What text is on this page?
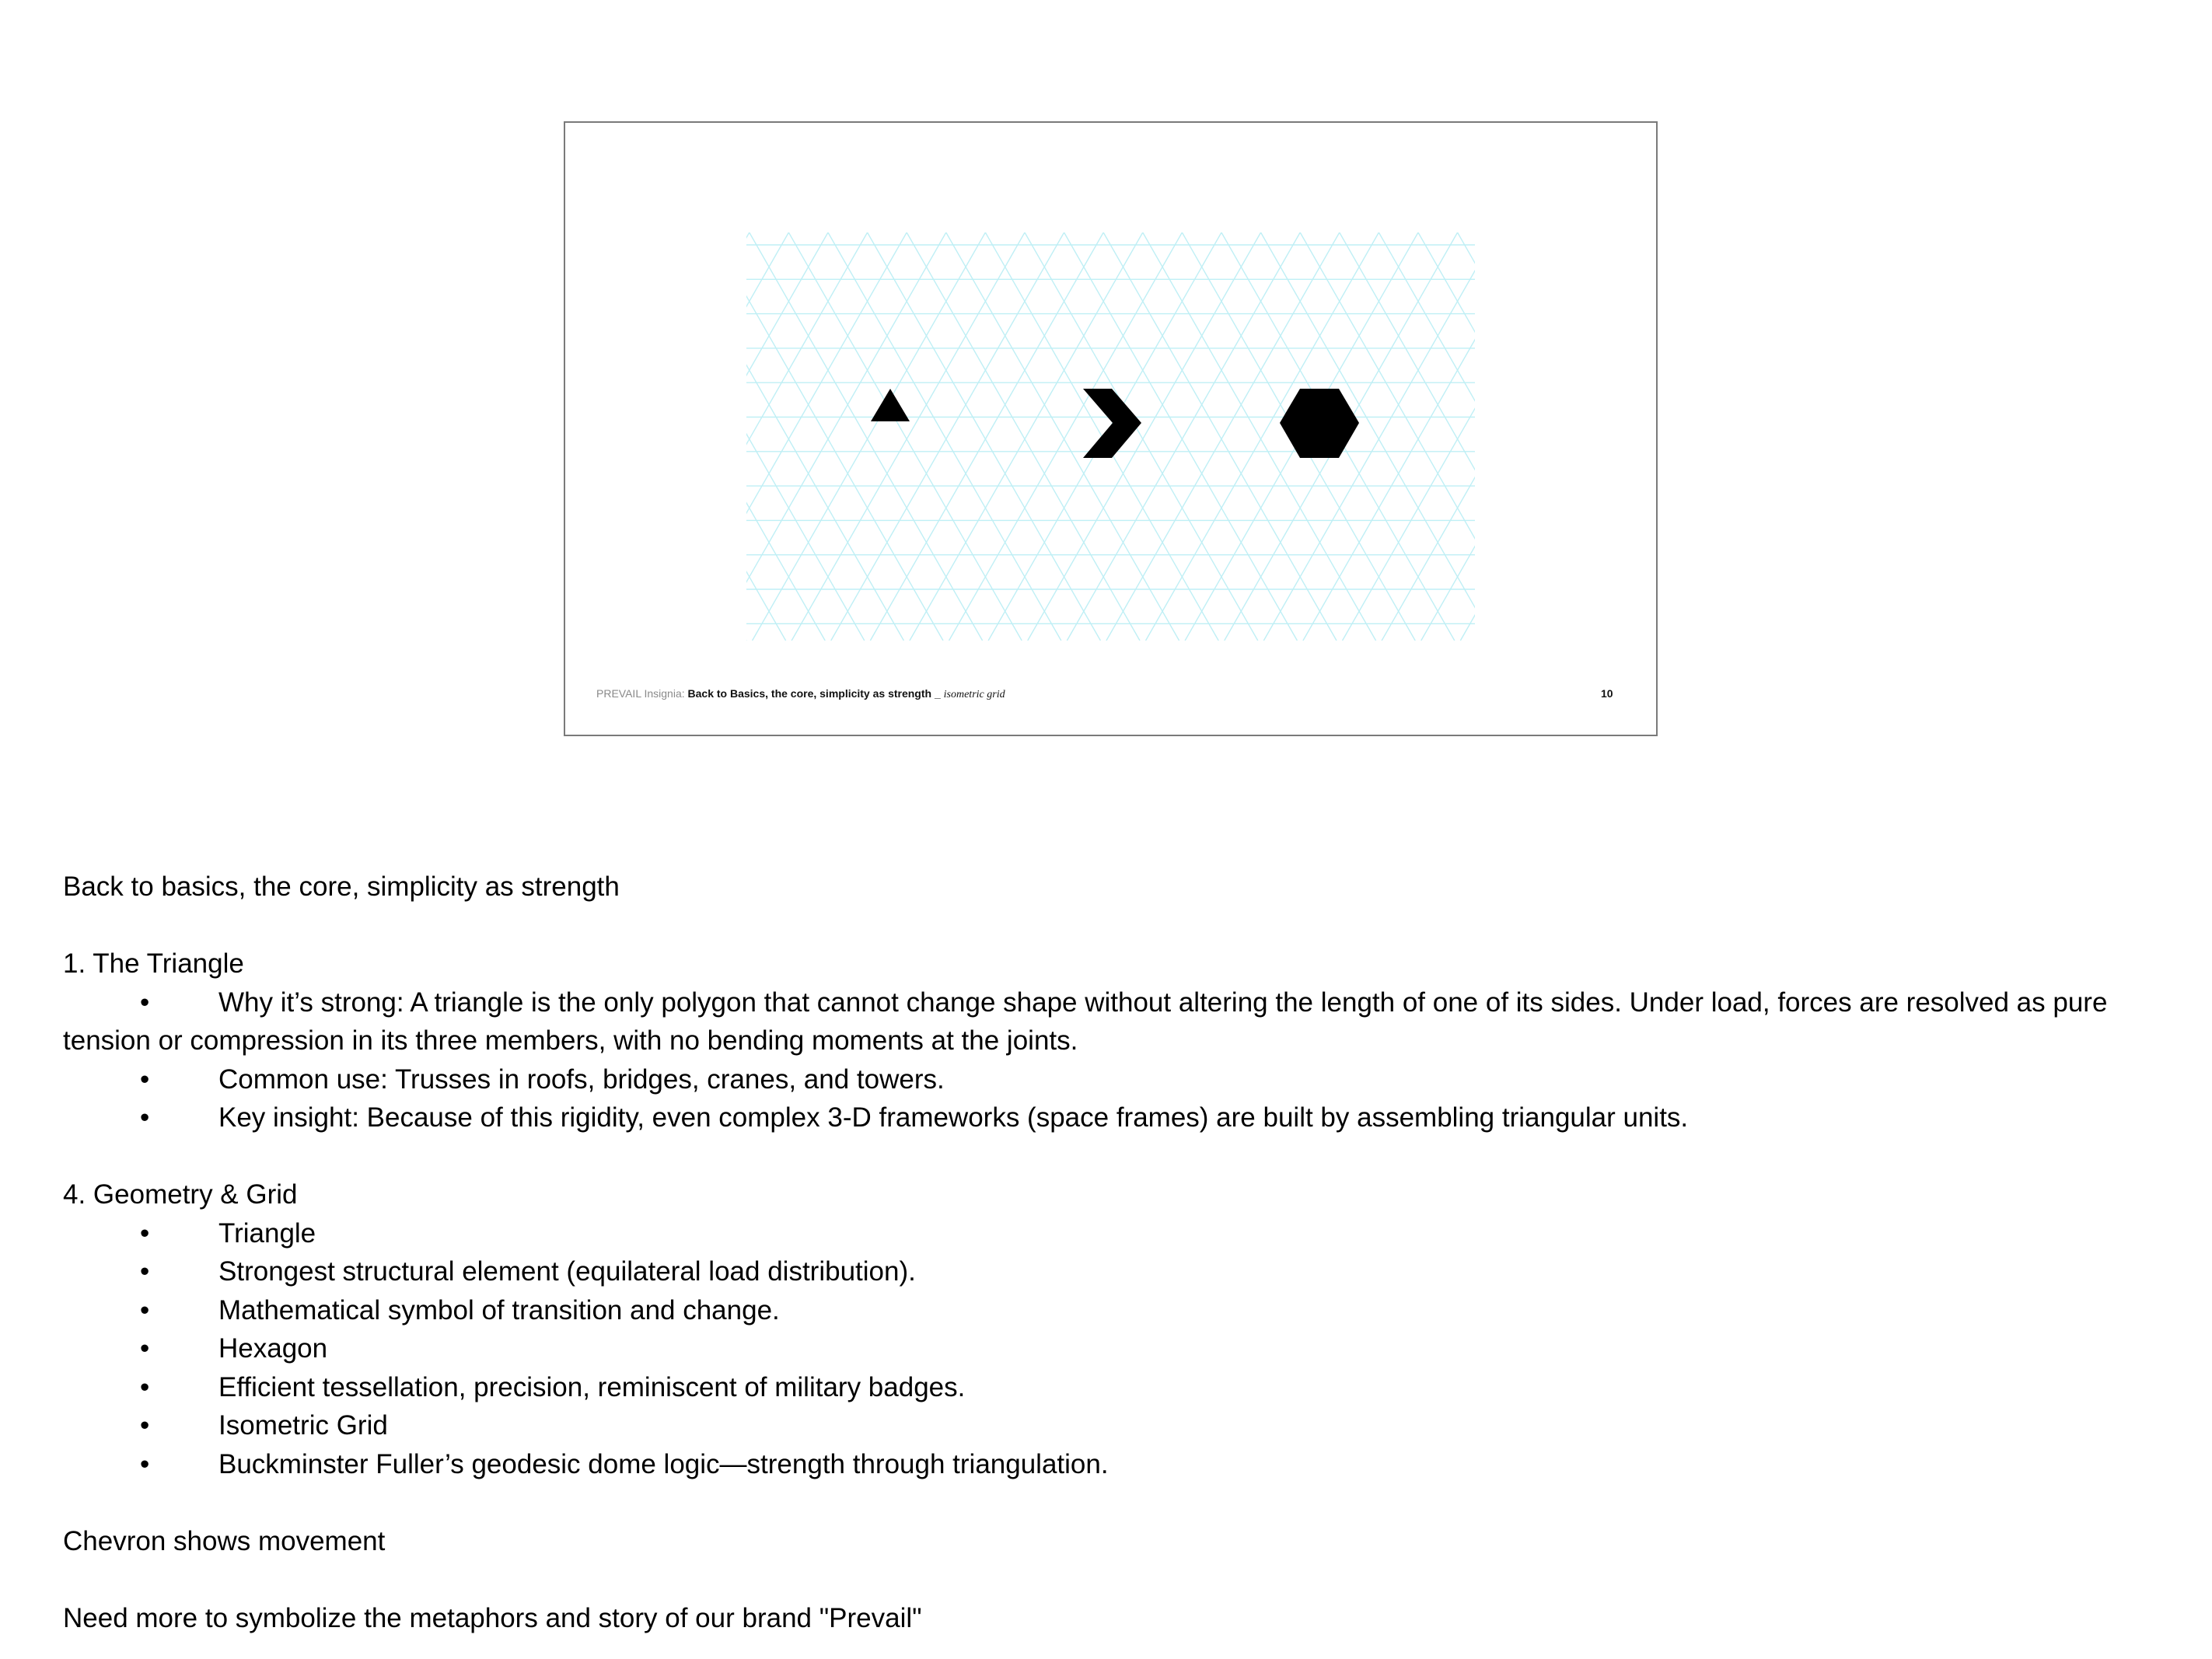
PREVAIL Insignia: Back to Basics, the core, simplicity as strength _ isometric grid	10

Back to basics, the core, simplicity as strength

1. The Triangle

•	Why it’s strong: A triangle is the only polygon that cannot change shape without altering the length of one of its sides. Under load, forces are resolved as pure tension or compression in its three members, with no bending moments at the joints.

•	Common use: Trusses in roofs, bridges, cranes, and towers.

•	Key insight: Because of this rigidity, even complex 3-D frameworks (space frames) are built by assembling triangular units.

4. Geometry & Grid

•	Triangle

•	Strongest structural element (equilateral load distribution).

•	Mathematical symbol of transition and change.

•	Hexagon

•	Efficient tessellation, precision, reminiscent of military badges.

•	Isometric Grid

•	Buckminster Fuller’s geodesic dome logic—strength through triangulation.

Chevron shows movement

Need more to symbolize the metaphors and story of our brand "Prevail"
